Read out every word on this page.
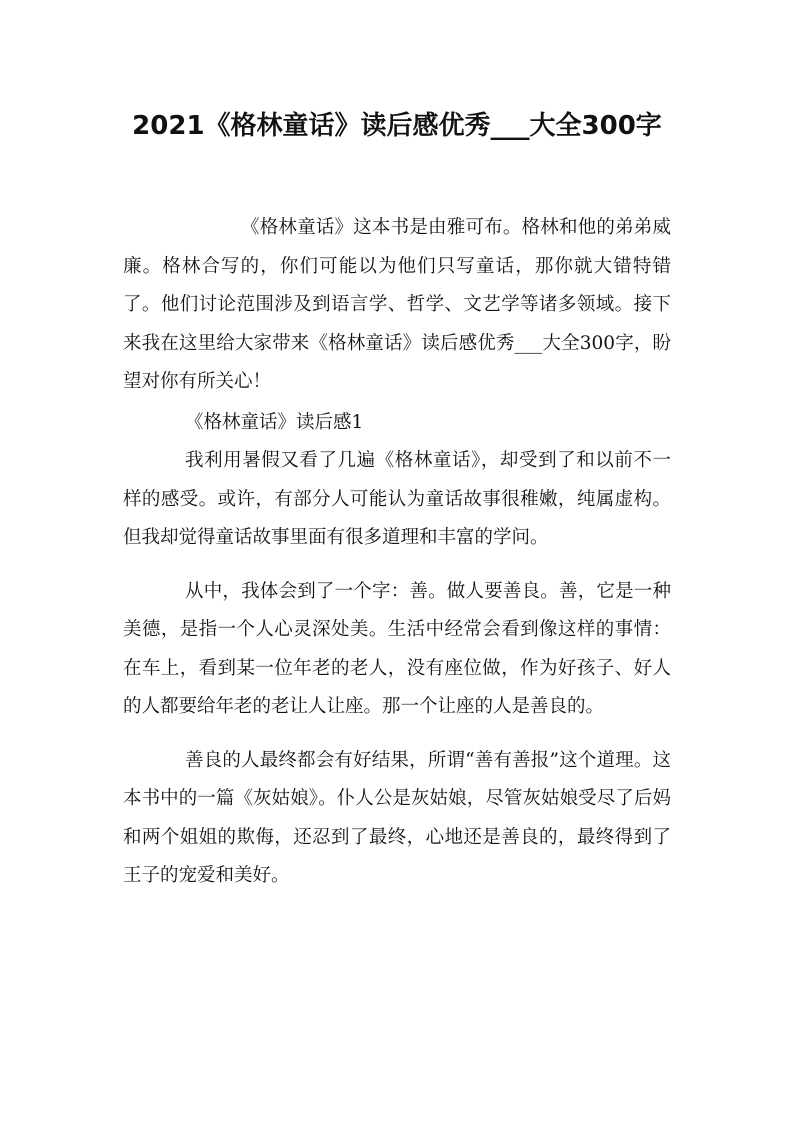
2021《格林童话》读后感优秀___大全300字

《格林童话》这本书是由雅可布。格林和他的弟弟威廉。格林合写的，你们可能以为他们只写童话，那你就大错特错了。他们讨论范围涉及到语言学、哲学、文艺学等诸多领域。接下来我在这里给大家带来《格林童话》读后感优秀___大全300字，盼望对你有所关心！

《格林童话》读后感1

我利用暑假又看了几遍《格林童话》，却受到了和以前不一样的感受。或许，有部分人可能认为童话故事很稚嫩，纯属虚构。但我却觉得童话故事里面有很多道理和丰富的学问。

从中，我体会到了一个字：善。做人要善良。善，它是一种美德，是指一个人心灵深处美。生活中经常会看到像这样的事情：在车上，看到某一位年老的老人，没有座位做，作为好孩子、好人的人都要给年老的老让人让座。那一个让座的人是善良的。

善良的人最终都会有好结果，所谓“善有善报”这个道理。这本书中的一篇《灰姑娘》。仆人公是灰姑娘，尽管灰姑娘受尽了后妈和两个姐姐的欺侮，还忍到了最终，心地还是善良的，最终得到了王子的宠爱和美好。
